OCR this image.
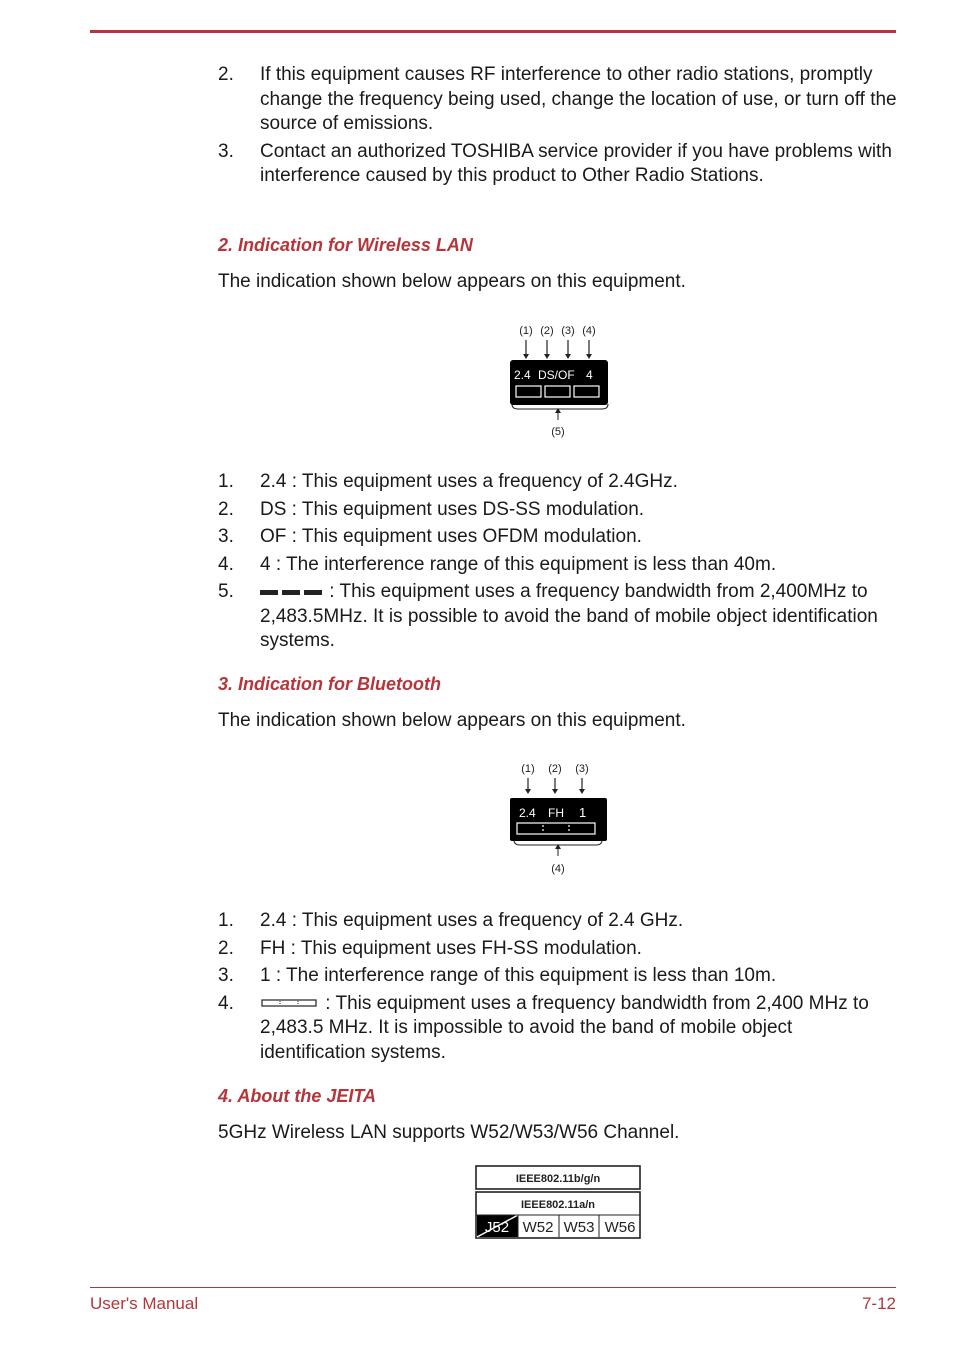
2.	If this equipment causes RF interference to other radio stations, promptly change the frequency being used, change the location of use, or turn off the source of emissions.
3.	Contact an authorized TOSHIBA service provider if you have problems with interference caused by this product to Other Radio Stations.
2. Indication for Wireless LAN
The indication shown below appears on this equipment.
(1) (2) (3) (4)
2.4 DS/OF 4
(5)
1.	2.4 : This equipment uses a frequency of 2.4GHz.
2.	DS : This equipment uses DS-SS modulation.
3.	OF : This equipment uses OFDM modulation.
4.	4 : The interference range of this equipment is less than 40m.
5.	: This equipment uses a frequency bandwidth from 2,400MHz to 2,483.5MHz. It is possible to avoid the band of mobile object identification systems.
3. Indication for Bluetooth
The indication shown below appears on this equipment.
(1) (2) (3)
2.4 FH 1
(4)
1.	2.4 : This equipment uses a frequency of 2.4 GHz.
2.	FH : This equipment uses FH-SS modulation.
3.	1 : The interference range of this equipment is less than 10m.
4.	: This equipment uses a frequency bandwidth from 2,400 MHz to 2,483.5 MHz. It is impossible to avoid the band of mobile object identification systems.
4. About the JEITA
5GHz Wireless LAN supports W52/W53/W56 Channel.
IEEE802.11b/g/n
IEEE802.11a/n
J52 W52 W53 W56
User's Manual	7-12
